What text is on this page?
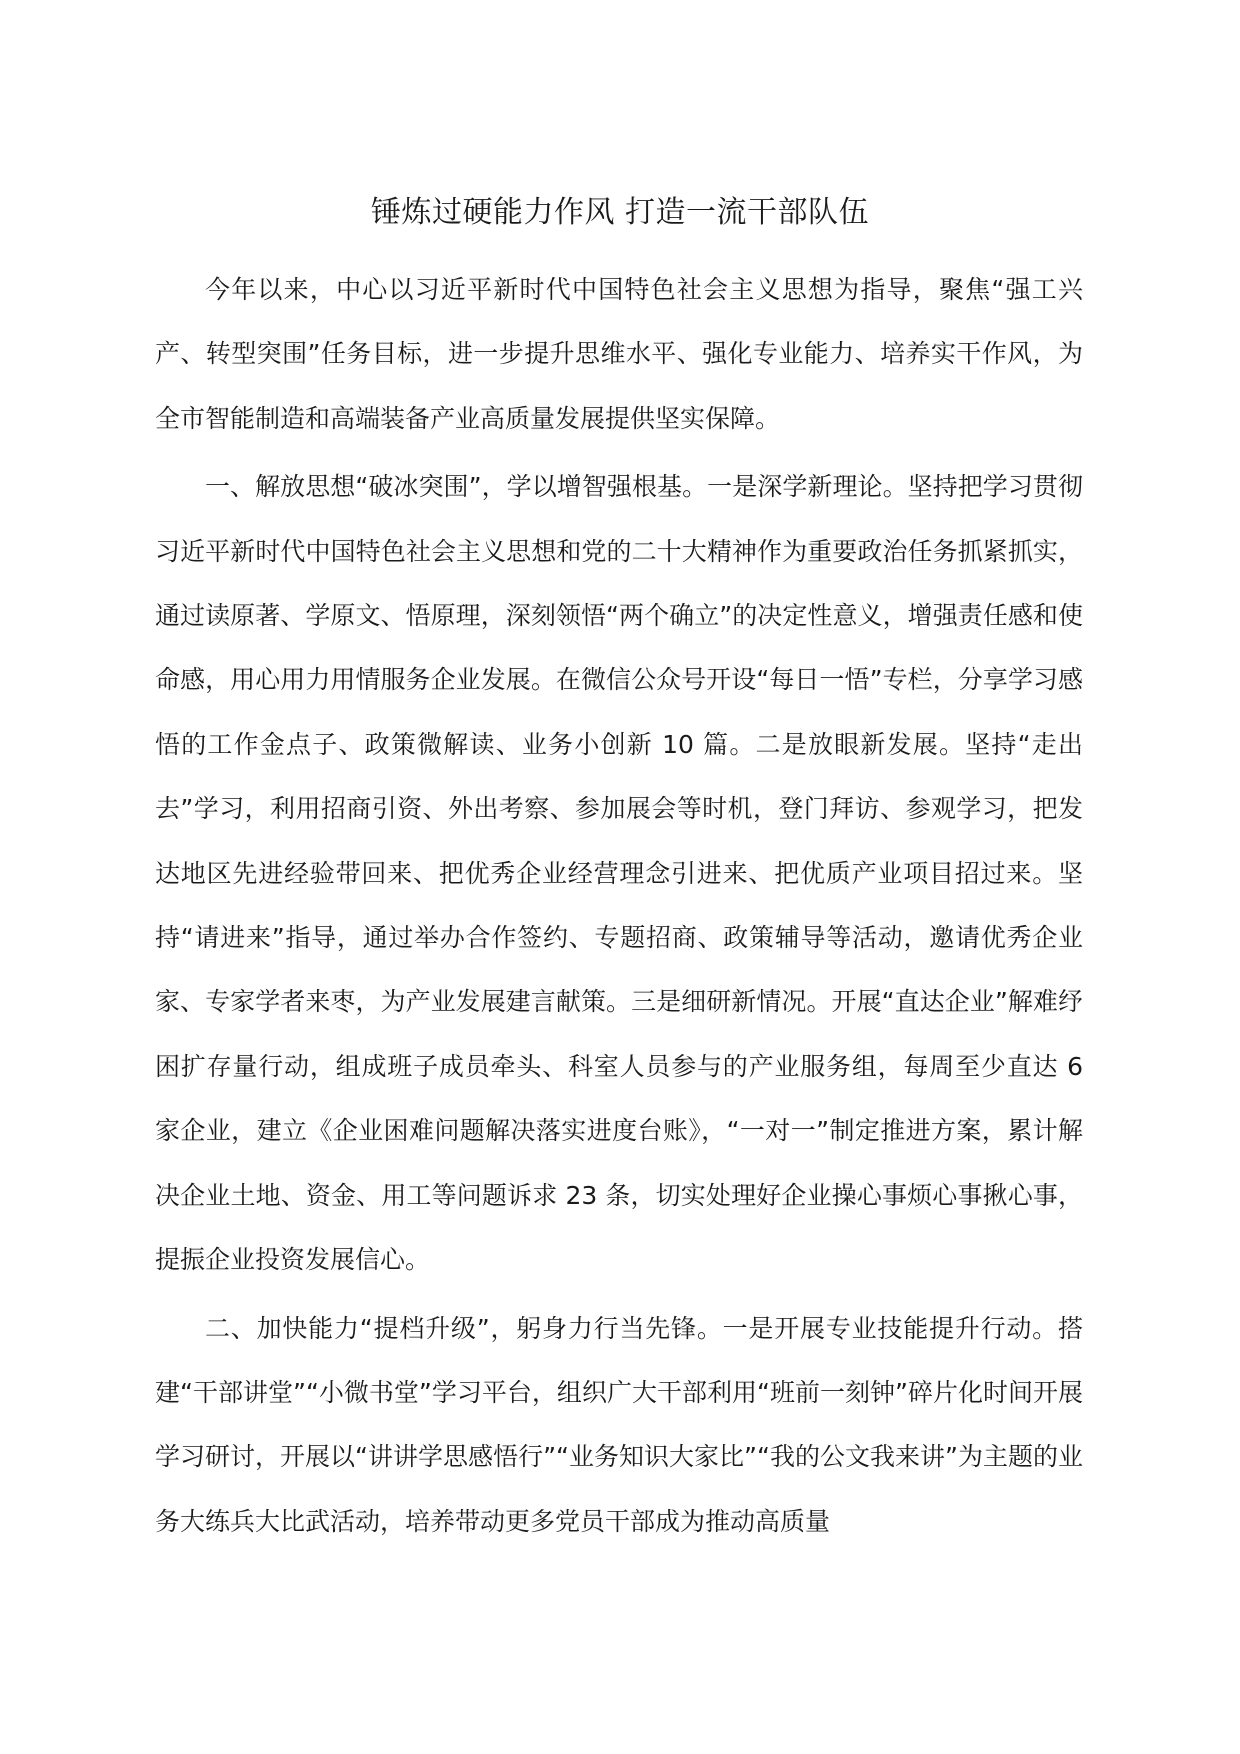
锤炼过硬能力作风 打造一流干部队伍

今年以来，中心以习近平新时代中国特色社会主义思想为指导，聚焦“强工兴产、转型突围”任务目标，进一步提升思维水平、强化专业能力、培养实干作风，为全市智能制造和高端装备产业高质量发展提供坚实保障。

一、解放思想“破冰突围”，学以增智强根基。一是深学新理论。坚持把学习贯彻习近平新时代中国特色社会主义思想和党的二十大精神作为重要政治任务抓紧抓实，通过读原著、学原文、悟原理，深刻领悟“两个确立”的决定性意义，增强责任感和使命感，用心用力用情服务企业发展。在微信公众号开设“每日一悟”专栏，分享学习感悟的工作金点子、政策微解读、业务小创新 10 篇。二是放眼新发展。坚持“走出去”学习，利用招商引资、外出考察、参加展会等时机，登门拜访、参观学习，把发达地区先进经验带回来、把优秀企业经营理念引进来、把优质产业项目招过来。坚持“请进来”指导，通过举办合作签约、专题招商、政策辅导等活动，邀请优秀企业家、专家学者来枣，为产业发展建言献策。三是细研新情况。开展“直达企业”解难纾困扩存量行动，组成班子成员牵头、科室人员参与的产业服务组，每周至少直达 6 家企业，建立《企业困难问题解决落实进度台账》，“一对一”制定推进方案，累计解决企业土地、资金、用工等问题诉求 23 条，切实处理好企业操心事烦心事揪心事，提振企业投资发展信心。

二、加快能力“提档升级”，躬身力行当先锋。一是开展专业技能提升行动。搭建“干部讲堂”“小微书堂”学习平台，组织广大干部利用“班前一刻钟”碎片化时间开展学习研讨，开展以“讲讲学思感悟行”“业务知识大家比”“我的公文我来讲”为主题的业务大练兵大比武活动，培养带动更多党员干部成为推动高质量
